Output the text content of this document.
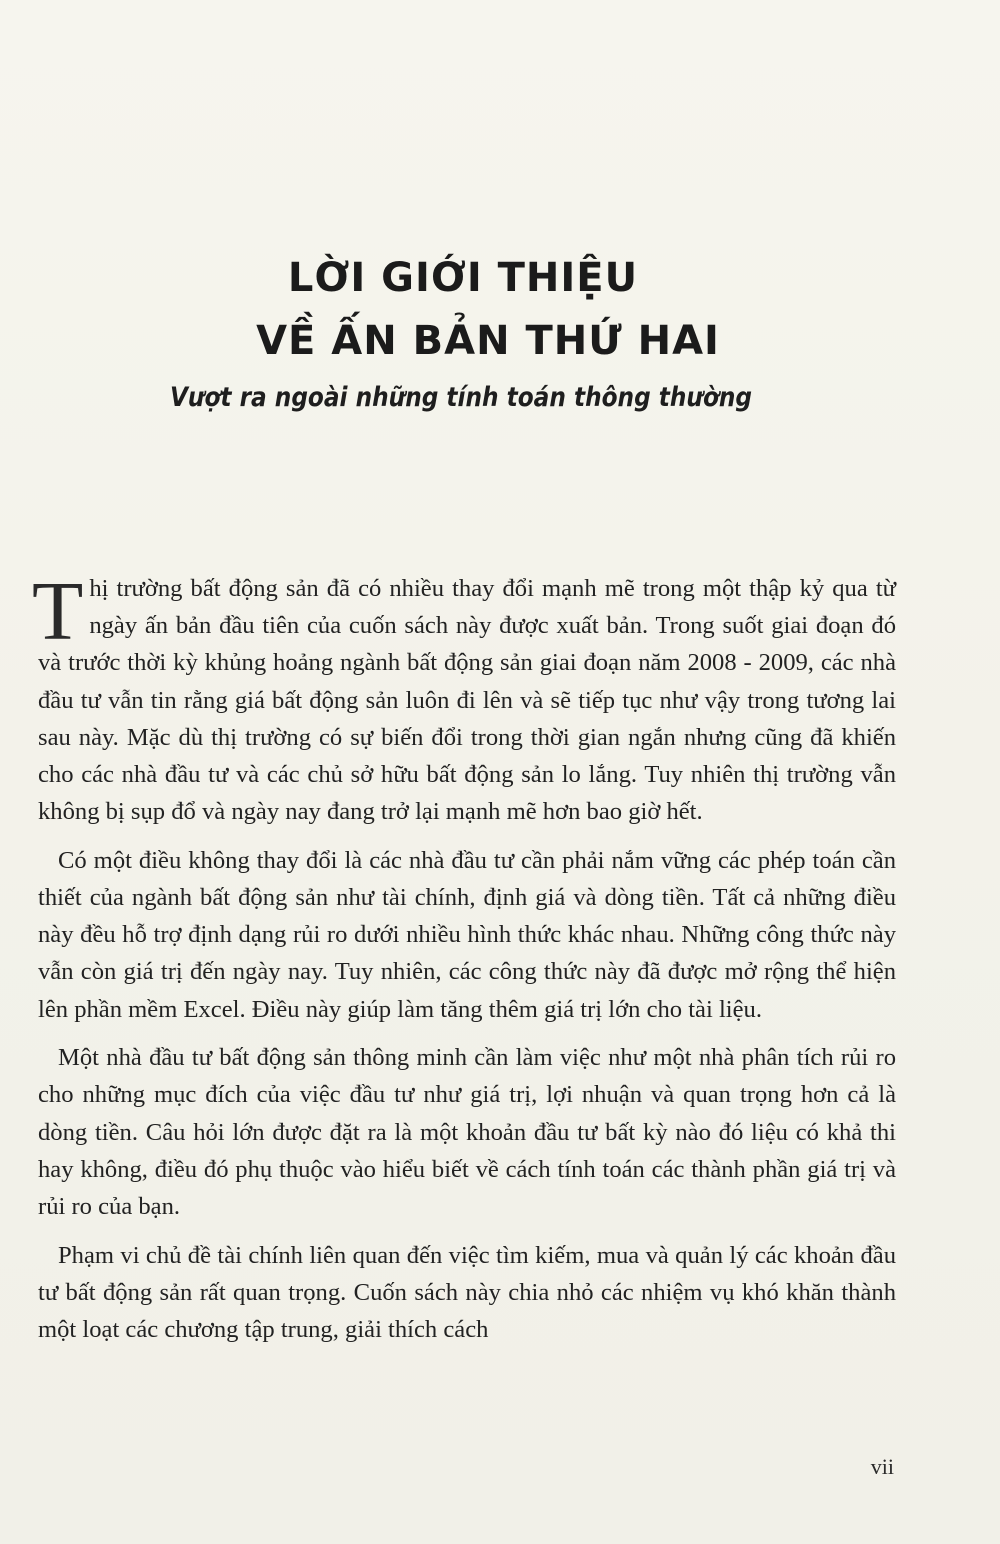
LỜI GIỚI THIỆU
VỀ ẤN BẢN THỨ HAI
Vượt ra ngoài những tính toán thông thường

Thị trường bất động sản đã có nhiều thay đổi mạnh mẽ trong một thập kỷ qua từ ngày ấn bản đầu tiên của cuốn sách này được xuất bản. Trong suốt giai đoạn đó và trước thời kỳ khủng hoảng ngành bất động sản giai đoạn năm 2008 - 2009, các nhà đầu tư vẫn tin rằng giá bất động sản luôn đi lên và sẽ tiếp tục như vậy trong tương lai sau này. Mặc dù thị trường có sự biến đổi trong thời gian ngắn nhưng cũng đã khiến cho các nhà đầu tư và các chủ sở hữu bất động sản lo lắng. Tuy nhiên thị trường vẫn không bị sụp đổ và ngày nay đang trở lại mạnh mẽ hơn bao giờ hết.

Có một điều không thay đổi là các nhà đầu tư cần phải nắm vững các phép toán cần thiết của ngành bất động sản như tài chính, định giá và dòng tiền. Tất cả những điều này đều hỗ trợ định dạng rủi ro dưới nhiều hình thức khác nhau. Những công thức này vẫn còn giá trị đến ngày nay. Tuy nhiên, các công thức này đã được mở rộng thể hiện lên phần mềm Excel. Điều này giúp làm tăng thêm giá trị lớn cho tài liệu.

Một nhà đầu tư bất động sản thông minh cần làm việc như một nhà phân tích rủi ro cho những mục đích của việc đầu tư như giá trị, lợi nhuận và quan trọng hơn cả là dòng tiền. Câu hỏi lớn được đặt ra là một khoản đầu tư bất kỳ nào đó liệu có khả thi hay không, điều đó phụ thuộc vào hiểu biết về cách tính toán các thành phần giá trị và rủi ro của bạn.

Phạm vi chủ đề tài chính liên quan đến việc tìm kiếm, mua và quản lý các khoản đầu tư bất động sản rất quan trọng. Cuốn sách này chia nhỏ các nhiệm vụ khó khăn thành một loạt các chương tập trung, giải thích cách

vii
